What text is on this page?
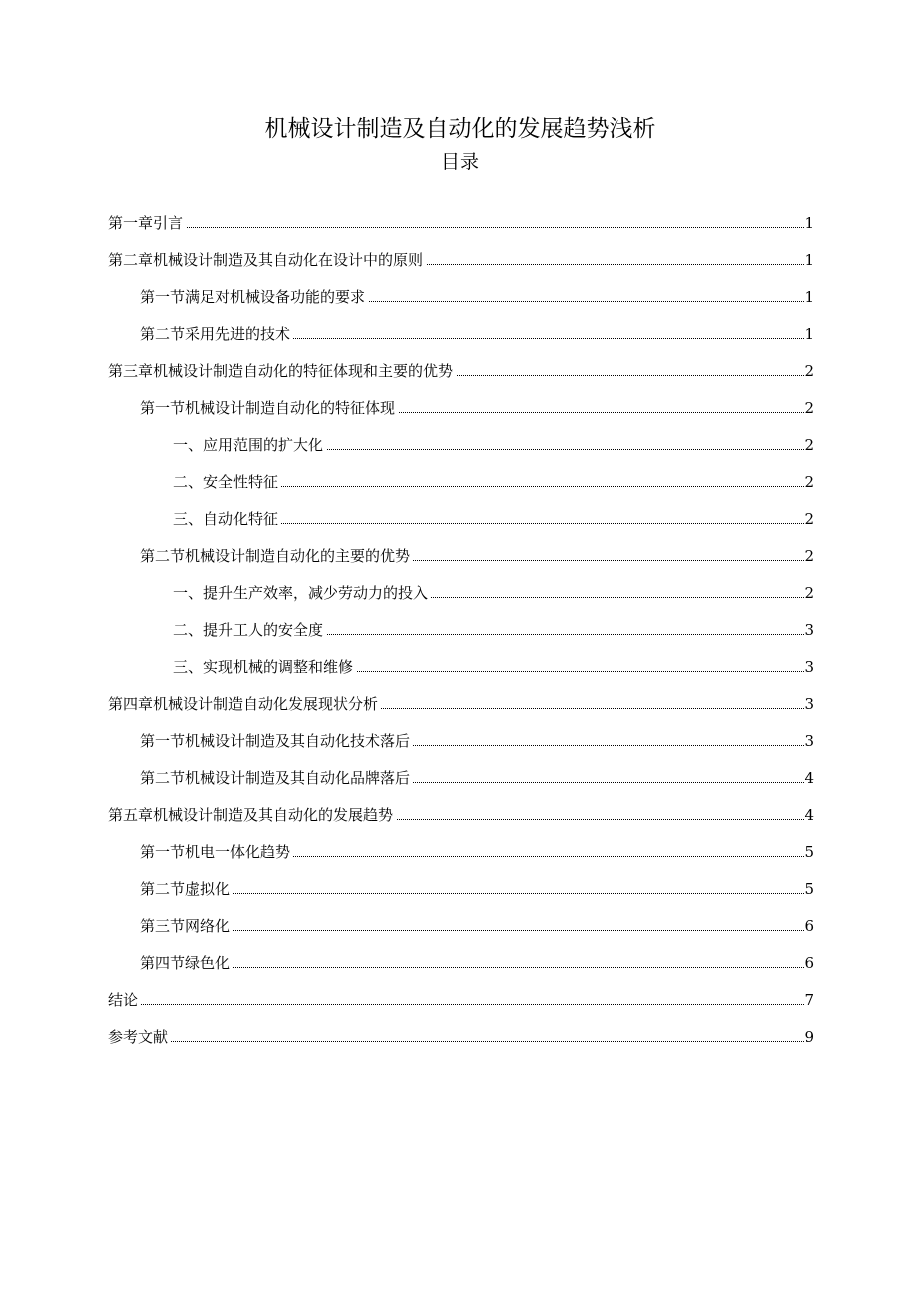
机械设计制造及自动化的发展趋势浅析
目录
第一章引言	1
第二章机械设计制造及其自动化在设计中的原则	1
第一节满足对机械设备功能的要求	1
第二节采用先进的技术	1
第三章机械设计制造自动化的特征体现和主要的优势	2
第一节机械设计制造自动化的特征体现	2
一、应用范围的扩大化	2
二、安全性特征	2
三、自动化特征	2
第二节机械设计制造自动化的主要的优势	2
一、提升生产效率，减少劳动力的投入	2
二、提升工人的安全度	3
三、实现机械的调整和维修	3
第四章机械设计制造自动化发展现状分析	3
第一节机械设计制造及其自动化技术落后	3
第二节机械设计制造及其自动化品牌落后	4
第五章机械设计制造及其自动化的发展趋势	4
第一节机电一体化趋势	5
第二节虚拟化	5
第三节网络化	6
第四节绿色化	6
结论	7
参考文献	9
